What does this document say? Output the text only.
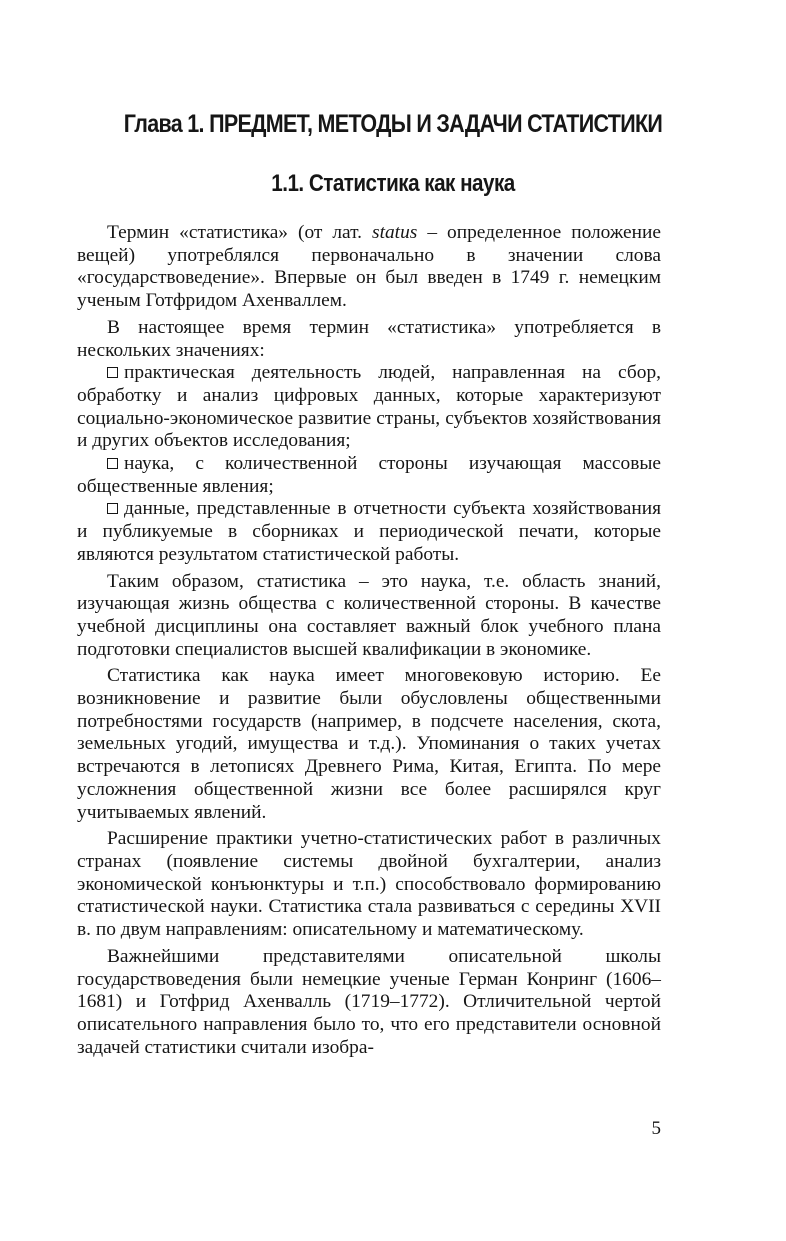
Глава 1. ПРЕДМЕТ, МЕТОДЫ И ЗАДАЧИ СТАТИСТИКИ
1.1. Статистика как наука

Термин «статистика» (от лат. status – определенное положение вещей) употреблялся первоначально в значении слова «государствоведение». Впервые он был введен в 1749 г. немецким ученым Готфридом Ахенваллем.

В настоящее время термин «статистика» употребляется в нескольких значениях:

практическая деятельность людей, направленная на сбор, обработку и анализ цифровых данных, которые характеризуют социально-экономическое развитие страны, субъектов хозяйствования и других объектов исследования;

наука, с количественной стороны изучающая массовые общественные явления;

данные, представленные в отчетности субъекта хозяйствования и публикуемые в сборниках и периодической печати, которые являются результатом статистической работы.

Таким образом, статистика – это наука, т.е. область знаний, изучающая жизнь общества с количественной стороны. В качестве учебной дисциплины она составляет важный блок учебного плана подготовки специалистов высшей квалификации в экономике.

Статистика как наука имеет многовековую историю. Ее возникновение и развитие были обусловлены общественными потребностями государств (например, в подсчете населения, скота, земельных угодий, имущества и т.д.). Упоминания о таких учетах встречаются в летописях Древнего Рима, Китая, Египта. По мере усложнения общественной жизни все более расширялся круг учитываемых явлений.

Расширение практики учетно-статистических работ в различных странах (появление системы двойной бухгалтерии, анализ экономической конъюнктуры и т.п.) способствовало формированию статистической науки. Статистика стала развиваться с середины XVII в. по двум направлениям: описательному и математическому.

Важнейшими представителями описательной школы государствоведения были немецкие ученые Герман Конринг (1606–1681) и Готфрид Ахенвалль (1719–1772). Отличительной чертой описательного направления было то, что его представители основной задачей статистики считали изобра-

5
